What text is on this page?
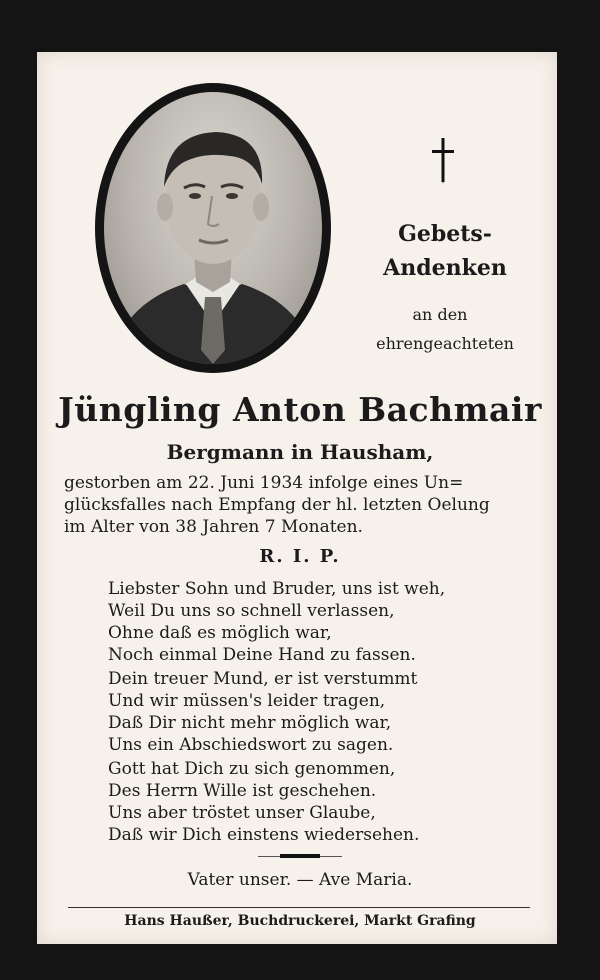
Gebets-
Andenken
an den
ehrengeachteten
Jüngling Anton Bachmair
Bergmann in Hausham,
gestorben am 22. Juni 1934 infolge eines Un=
glücksfalles nach Empfang der hl. letzten Oelung
im Alter von 38 Jahren 7 Monaten.
R. I. P.
Liebster Sohn und Bruder, uns ist weh,
Weil Du uns so schnell verlassen,
Ohne daß es möglich war,
Noch einmal Deine Hand zu fassen.
Dein treuer Mund, er ist verstummt
Und wir müssen's leider tragen,
Daß Dir nicht mehr möglich war,
Uns ein Abschiedswort zu sagen.
Gott hat Dich zu sich genommen,
Des Herrn Wille ist geschehen.
Uns aber tröstet unser Glaube,
Daß wir Dich einstens wiedersehen.
Vater unser. — Ave Maria.
Hans Haußer, Buchdruckerei, Markt Grafing
